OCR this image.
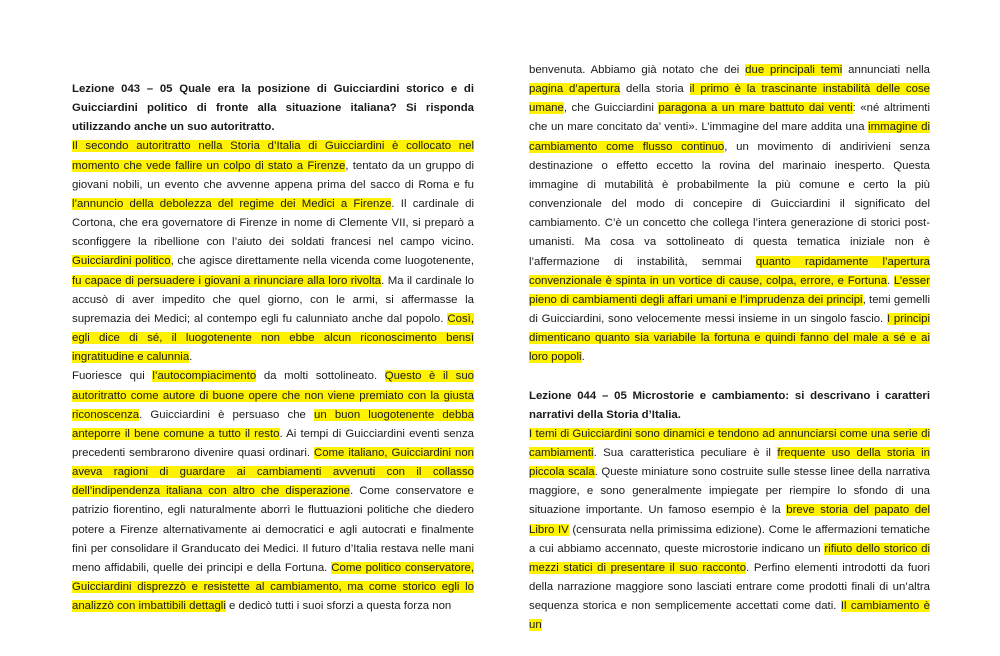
Lezione 043 – 05 Quale era la posizione di Guicciardini storico e di Guicciardini politico di fronte alla situazione italiana? Si risponda utilizzando anche un suo autoritratto.

Il secondo autoritratto nella Storia d’Italia di Guicciardini è collocato nel momento che vede fallire un colpo di stato a Firenze, tentato da un gruppo di giovani nobili, un evento che avvenne appena prima del sacco di Roma e fu l’annuncio della debolezza del regime dei Medici a Firenze. Il cardinale di Cortona, che era governatore di Firenze in nome di Clemente VII, si preparò a sconfiggere la ribellione con l’aiuto dei soldati francesi nel campo vicino. Guicciardini politico, che agisce direttamente nella vicenda come luogotenente, fu capace di persuadere i giovani a rinunciare alla loro rivolta. Ma il cardinale lo accusò di aver impedito che quel giorno, con le armi, si affermasse la supremazia dei Medici; al contempo egli fu calunniato anche dal popolo. Così, egli dice di sé, il luogotenente non ebbe alcun riconoscimento bensì ingratitudine e calunnia.

Fuoriesce qui l’autocompiacimento da molti sottolineato. Questo è il suo autoritratto come autore di buone opere che non viene premiato con la giusta riconoscenza. Guicciardini è persuaso che un buon luogotenente debba anteporre il bene comune a tutto il resto. Ai tempi di Guicciardini eventi senza precedenti sembrarono divenire quasi ordinari. Come italiano, Guicciardini non aveva ragioni di guardare ai cambiamenti avvenuti con il collasso dell’indipendenza italiana con altro che disperazione. Come conservatore e patrizio fiorentino, egli naturalmente aborrì le fluttuazioni politiche che diedero potere a Firenze alternativamente ai democratici e agli autocrati e finalmente finì per consolidare il Granducato dei Medici. Il futuro d’Italia restava nelle mani meno affidabili, quelle dei principi e della Fortuna. Come politico conservatore, Guicciardini disprezzò e resistette al cambiamento, ma come storico egli lo analizzò con imbattibili dettagli e dedicò tutti i suoi sforzi a questa forza non

benvenuta. Abbiamo già notato che dei due principali temi annunciati nella pagina d’apertura della storia il primo è la trascinante instabilità delle cose umane, che Guicciardini paragona a un mare battuto dai venti: «né altrimenti che un mare concitato da’ venti». L’immagine del mare addita una immagine di cambiamento come flusso continuo, un movimento di andirivieni senza destinazione o effetto eccetto la rovina del marinaio inesperto. Questa immagine di mutabilità è probabilmente la più comune e certo la più convenzionale del modo di concepire di Guicciardini il significato del cambiamento. C’è un concetto che collega l’intera generazione di storici post-umanisti. Ma cosa va sottolineato di questa tematica iniziale non è l’affermazione di instabilità, semmai quanto rapidamente l’apertura convenzionale è spinta in un vortice di cause, colpa, errore, e Fortuna. L’esser pieno di cambiamenti degli affari umani e l’imprudenza dei principi, temi gemelli di Guicciardini, sono velocemente messi insieme in un singolo fascio. I principi dimenticano quanto sia variabile la fortuna e quindi fanno del male a sé e ai loro popoli.

Lezione 044 – 05 Microstorie e cambiamento: si descrivano i caratteri narrativi della Storia d’Italia.

I temi di Guicciardini sono dinamici e tendono ad annunciarsi come una serie di cambiamenti. Sua caratteristica peculiare è il frequente uso della storia in piccola scala. Queste miniature sono costruite sulle stesse linee della narrativa maggiore, e sono generalmente impiegate per riempire lo sfondo di una situazione importante. Un famoso esempio è la breve storia del papato del Libro IV (censurata nella primissima edizione). Come le affermazioni tematiche a cui abbiamo accennato, queste microstorie indicano un rifiuto dello storico di mezzi statici di presentare il suo racconto. Perfino elementi introdotti da fuori della narrazione maggiore sono lasciati entrare come prodotti finali di un’altra sequenza storica e non semplicemente accettati come dati. Il cambiamento è un
